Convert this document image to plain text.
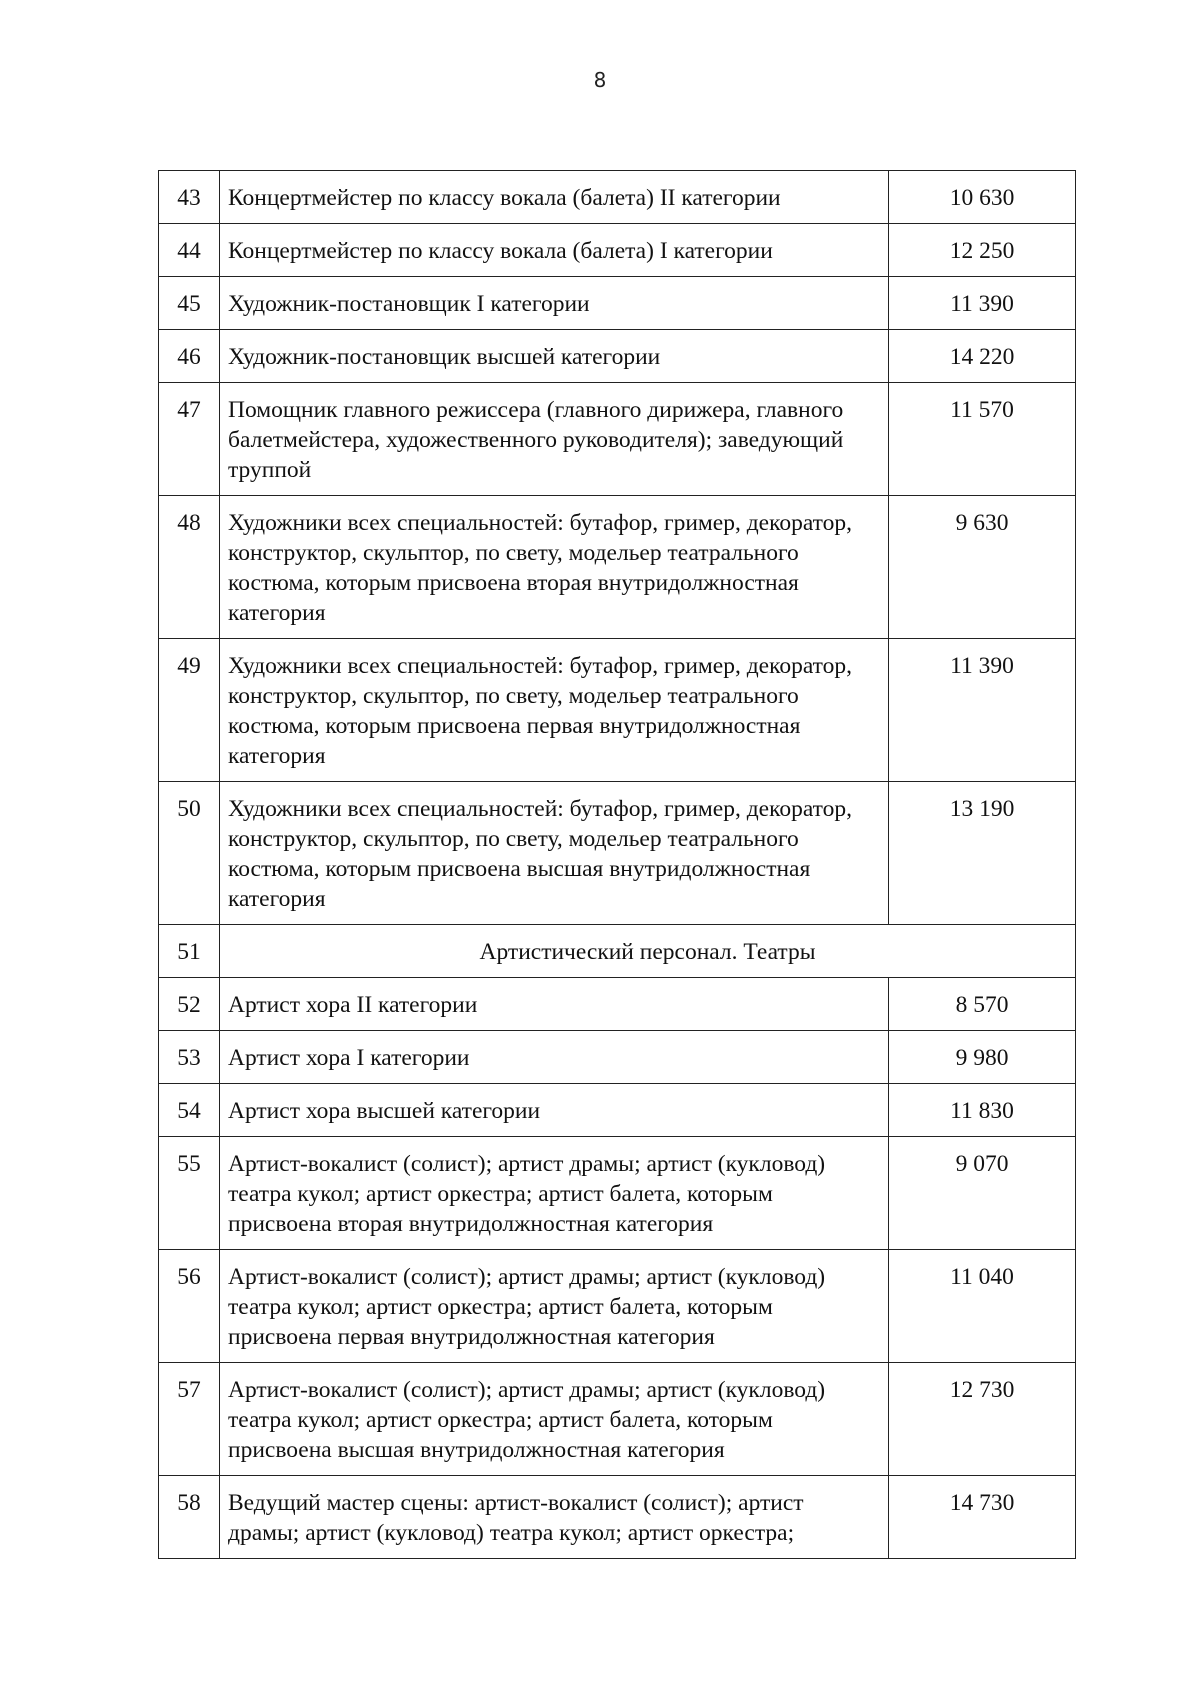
8
43	Концертмейстер по классу вокала (балета) II категории	10 630
44	Концертмейстер по классу вокала (балета) I категории	12 250
45	Художник-постановщик I категории	11 390
46	Художник-постановщик высшей категории	14 220
47	Помощник главного режиссера (главного дирижера, главного балетмейстера, художественного руководителя); заведующий труппой	11 570
48	Художники всех специальностей: бутафор, гример, декоратор, конструктор, скульптор, по свету, модельер театрального костюма, которым присвоена вторая внутридолжностная категория	9 630
49	Художники всех специальностей: бутафор, гример, декоратор, конструктор, скульптор, по свету, модельер театрального костюма, которым присвоена первая внутридолжностная категория	11 390
50	Художники всех специальностей: бутафор, гример, декоратор, конструктор, скульптор, по свету, модельер театрального костюма, которым присвоена высшая внутридолжностная категория	13 190
51	Артистический персонал. Театры	
52	Артист хора II категории	8 570
53	Артист хора I категории	9 980
54	Артист хора высшей категории	11 830
55	Артист-вокалист (солист); артист драмы; артист (кукловод) театра кукол; артист оркестра; артист балета, которым присвоена вторая внутридолжностная категория	9 070
56	Артист-вокалист (солист); артист драмы; артист (кукловод) театра кукол; артист оркестра; артист балета, которым присвоена первая внутридолжностная категория	11 040
57	Артист-вокалист (солист); артист драмы; артист (кукловод) театра кукол; артист оркестра; артист балета, которым присвоена высшая внутридолжностная категория	12 730
58	Ведущий мастер сцены: артист-вокалист (солист); артист драмы; артист (кукловод) театра кукол; артист оркестра;	14 730
